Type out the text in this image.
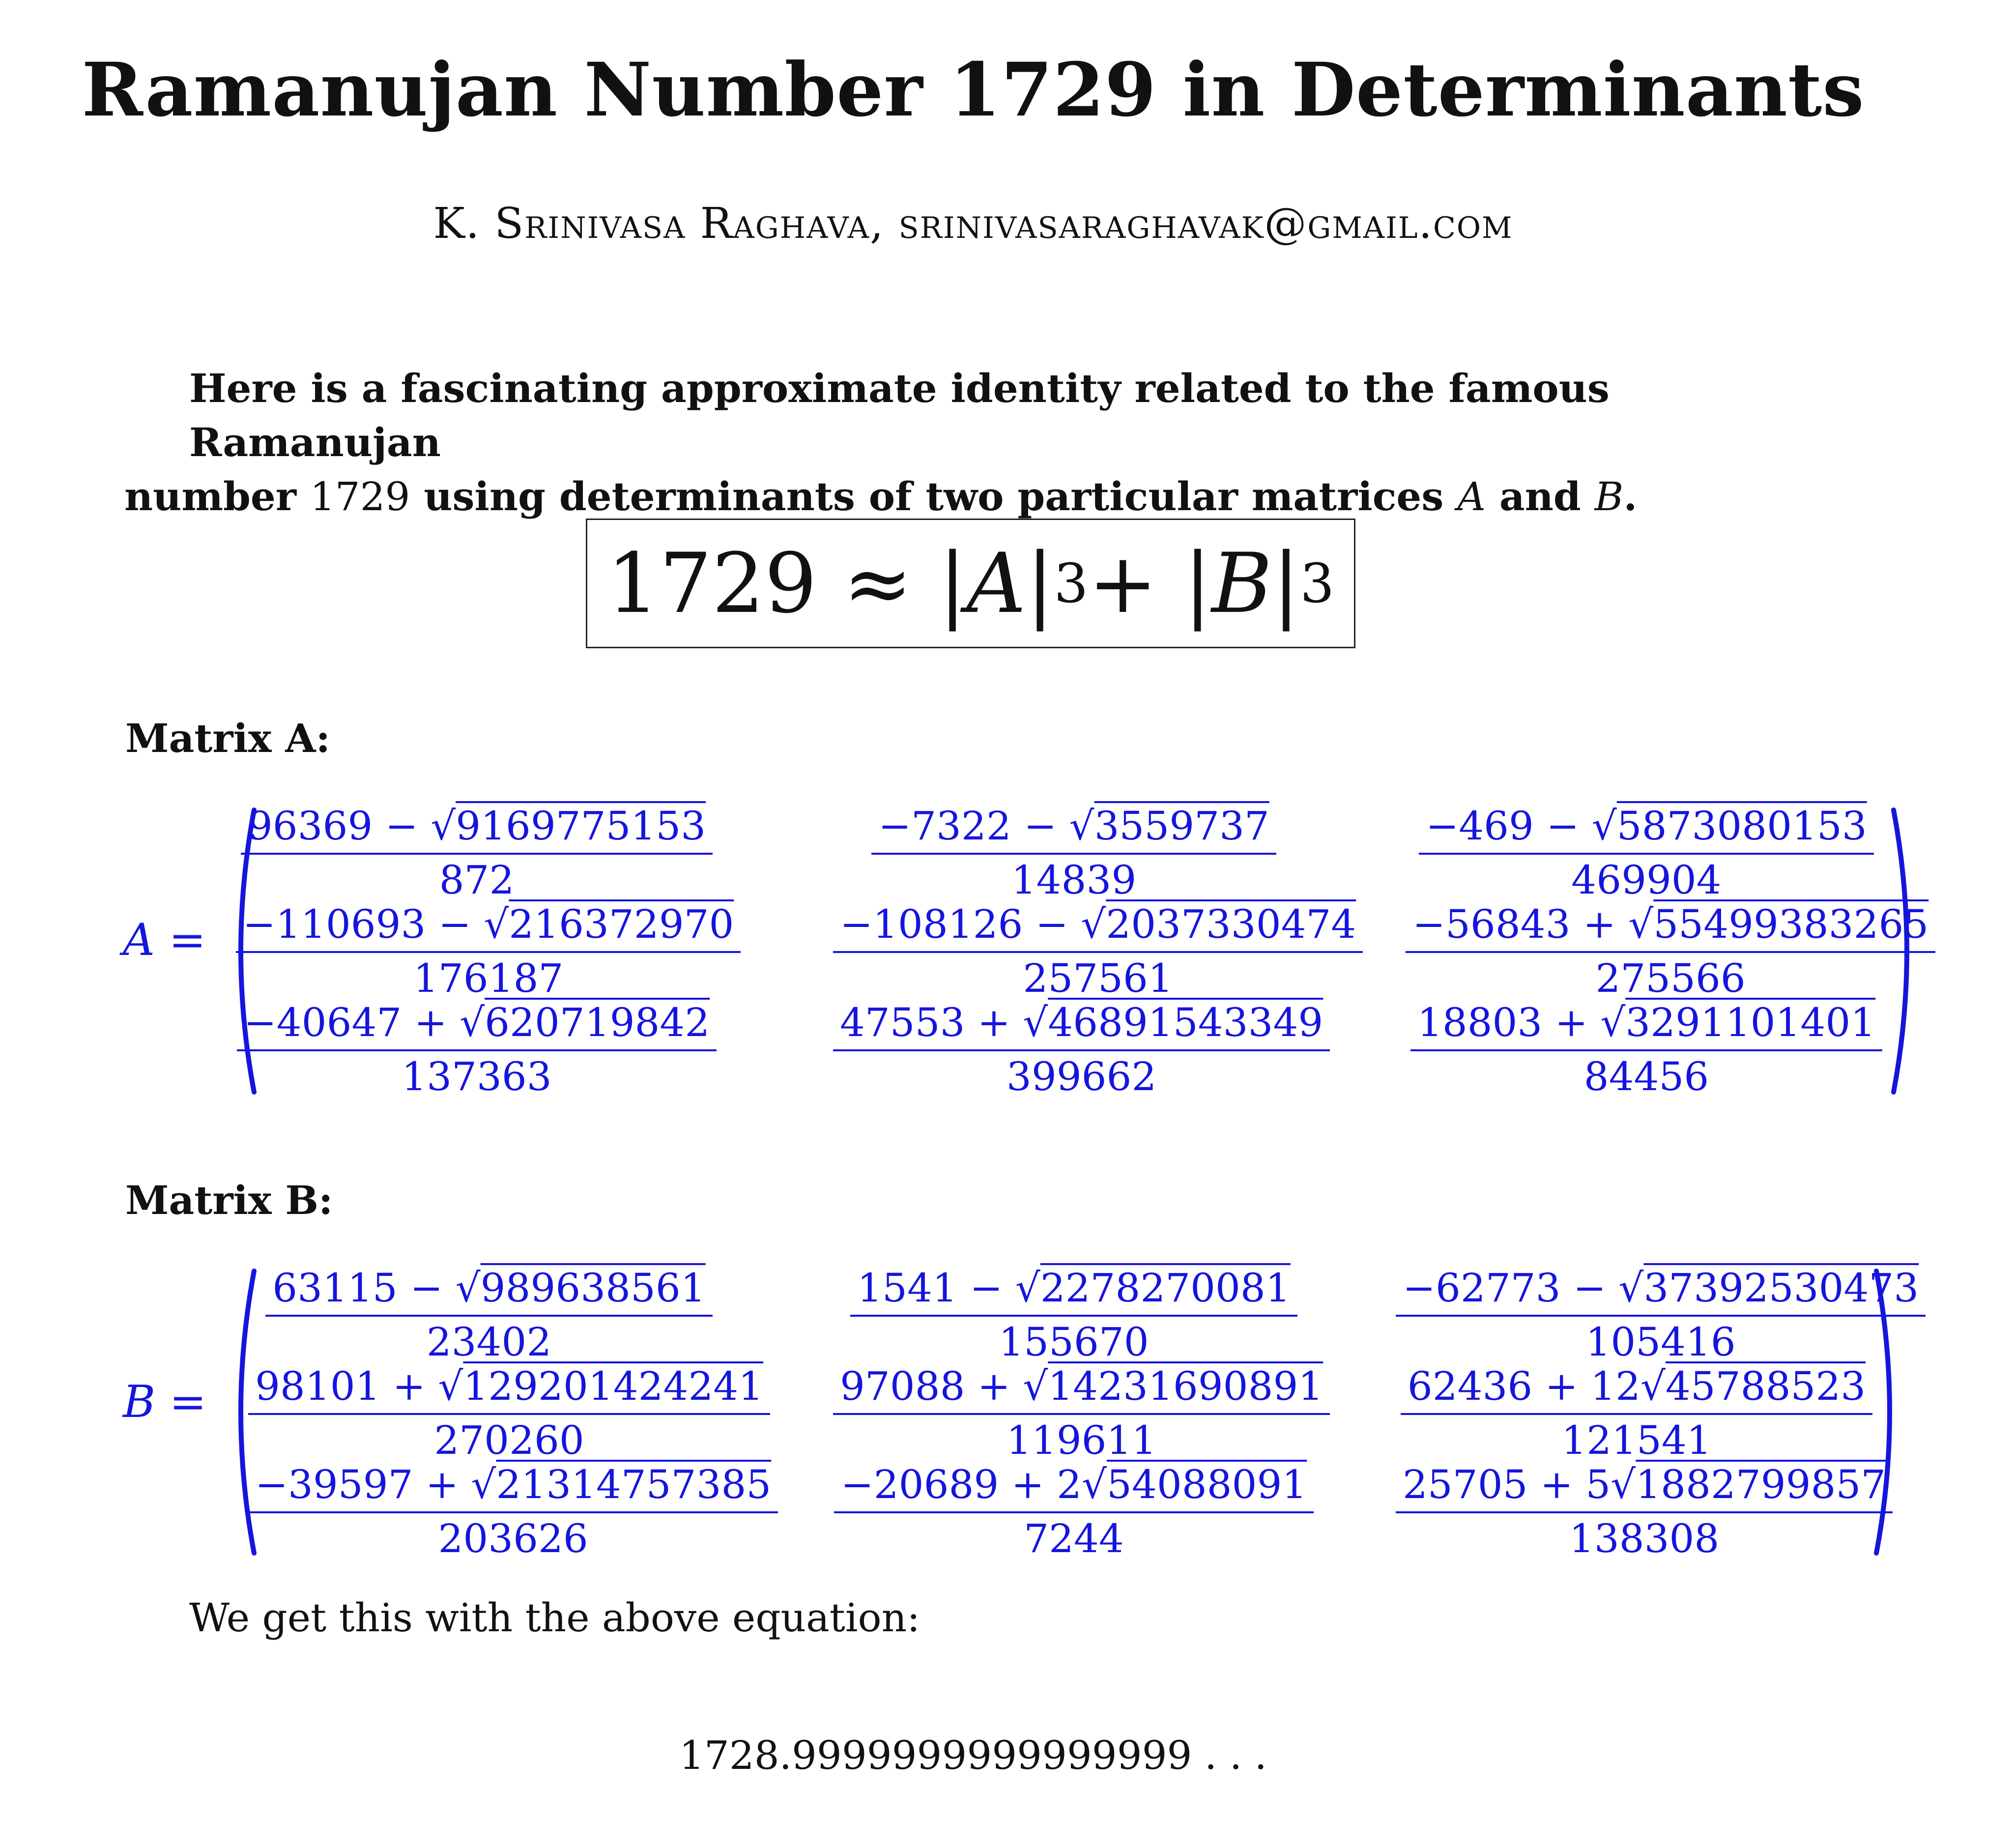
Ramanujan Number 1729 in Determinants
K. Srinivasa Raghava, srinivasaraghavak@gmail.com
Here is a fascinating approximate identity related to the famous Ramanujan
number 1729 using determinants of two particular matrices A and B.
1729 ≈ | A | 3 + | B | 3
Matrix A:
A =
$\frac{96369 - √9169775153}{872}$	$\frac{-7322 - √3559737}{14839}$	$\frac{-469 - √5873080153}{469904}$
$\frac{-110693 - √216372970}{176187} \frac{-108126 - √2037330474}{257561} \frac{-56843 + √55499383265}{275566}$
$\frac{-40647 + √620719842}{137363}$	$\frac{47553 + √46891543349}{399662} \frac{18803 + √3291101401}{84456}$
Matrix B:
B =
$\frac{63115 - √989638561}{23402}$	$\frac{1541 - √2278270081}{155670}$	$\frac{-62773 - √37392530473}{105416}$
$\frac{98101 + √129201424241}{270260} \frac{97088 + √14231690891}{119611} \frac{62436 + 12√45788523}{121541}$
$\frac{-39597 + √21314757385}{203626} \frac{-20689 + 2√54088091}{7244} \frac{25705 + 5√1882799857}{138308}$
We get this with the above equation:
1728.9999999999999999 . . .
